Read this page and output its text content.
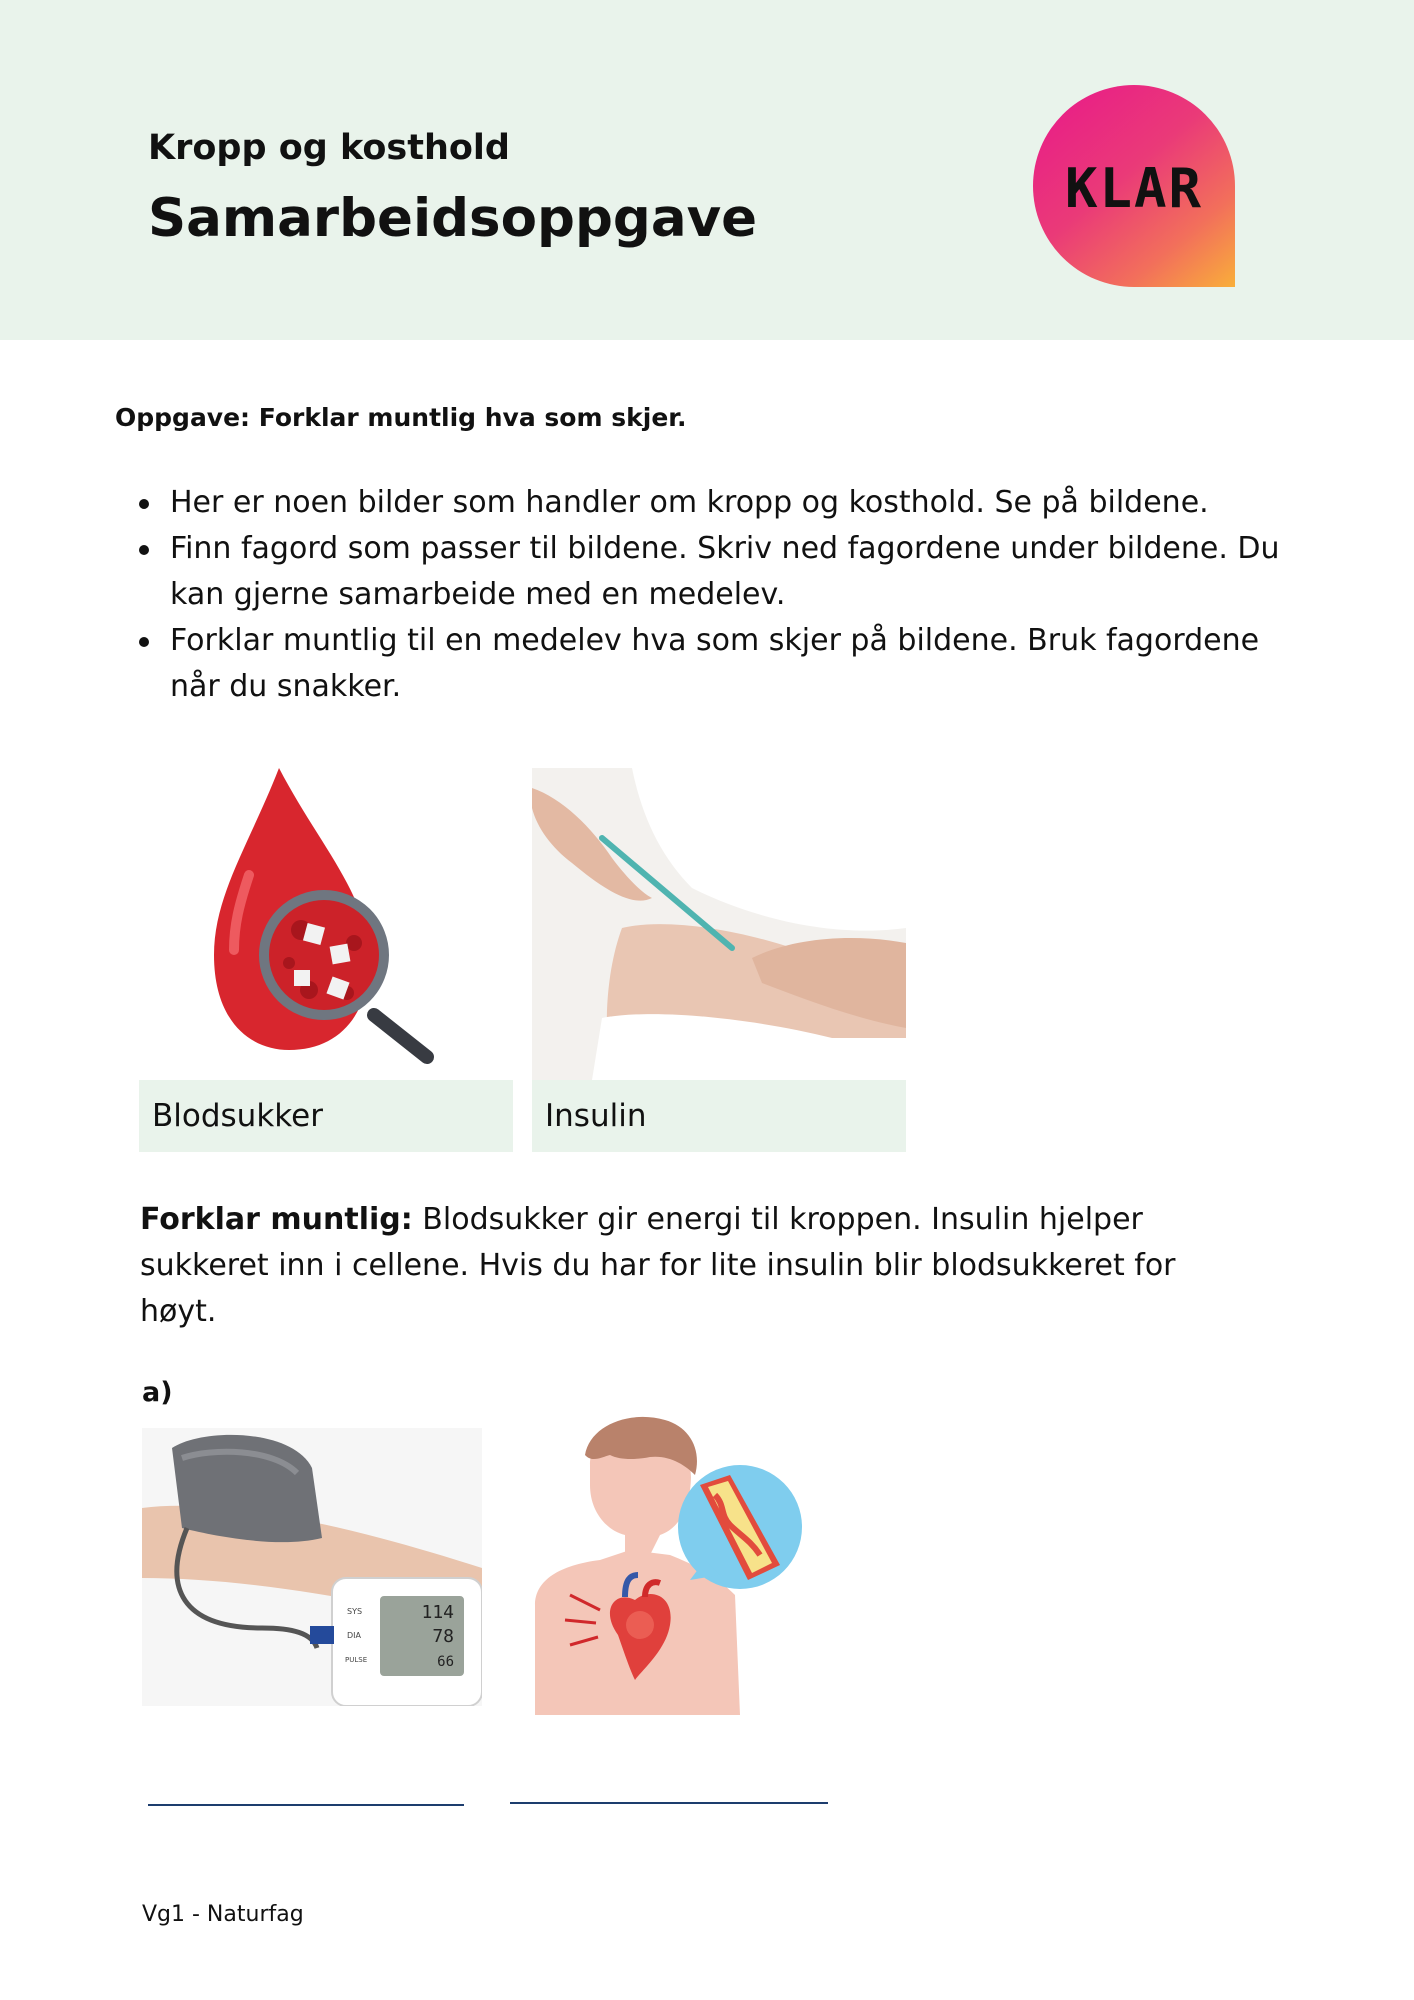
Kropp og kosthold
Samarbeidsoppgave	KLAR
Oppgave: Forklar muntlig hva som skjer.
Her er noen bilder som handler om kropp og kosthold. Se på bildene.
Finn fagord som passer til bildene. Skriv ned fagordene under bildene. Du kan gjerne samarbeide med en medelev.
Forklar muntlig til en medelev hva som skjer på bildene. Bruk fagordene når du snakker.
Blodsukker	Insulin
Forklar muntlig: Blodsukker gir energi til kroppen. Insulin hjelper sukkeret inn i cellene. Hvis du har for lite insulin blir blodsukkeret for høyt.
a)
114
78
66
SYS
DIA
PULSE
Vg1 - Naturfag
